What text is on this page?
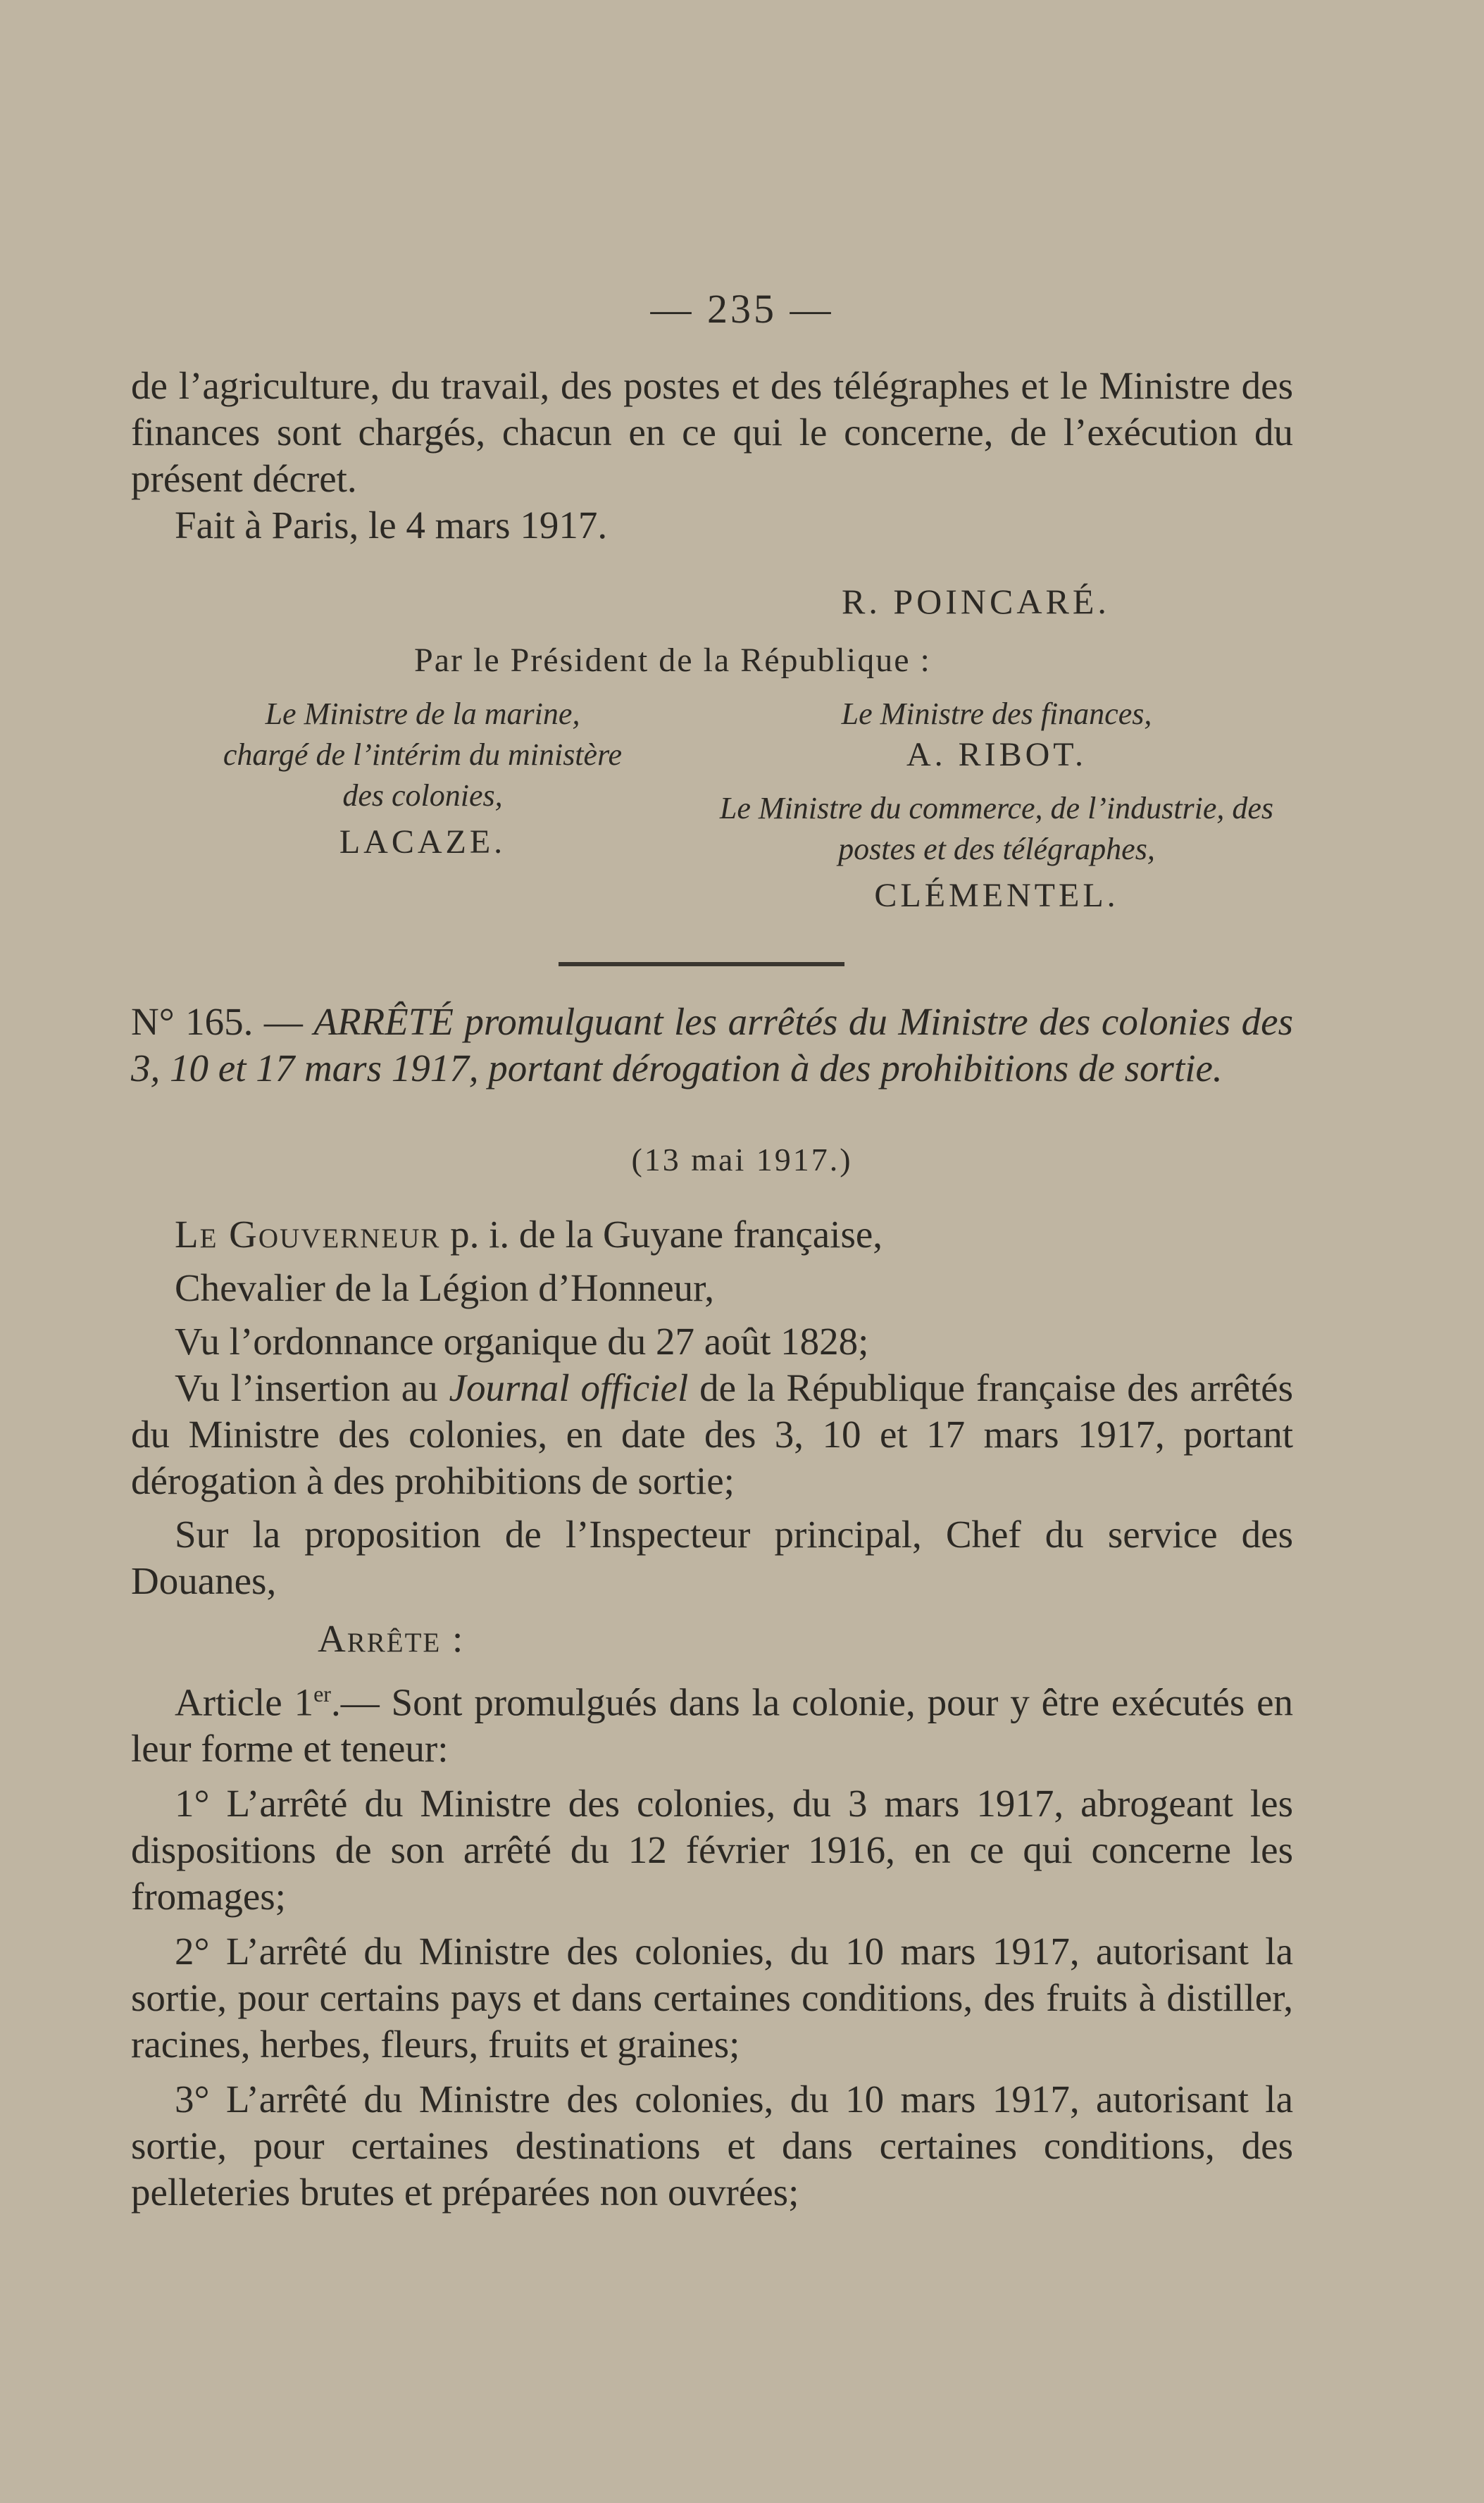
— 235 —

de l’agriculture, du travail, des postes et des télégraphes et le Ministre des finances sont chargés, chacun en ce qui le concerne, de l’exécution du présent décret.

Fait à Paris, le 4 mars 1917.

R. POINCARÉ.
Par le Président de la République :
Le Ministre de la marine,
chargé de l’intérim du ministère
des colonies,
LACAZE.
Le Ministre des finances,
A. RIBOT.
Le Ministre du commerce, de l’industrie, des postes et des télégraphes,
CLÉMENTEL.
N° 165. — ARRÊTÉ promulguant les arrêtés du Ministre des colonies des 3, 10 et 17 mars 1917, portant dérogation à des prohibitions de sortie.
(13 mai 1917.)

Le Gouverneur p. i. de la Guyane française,

Chevalier de la Légion d’Honneur,

Vu l’ordonnance organique du 27 août 1828;

Vu l’insertion au Journal officiel de la République française des arrêtés du Ministre des colonies, en date des 3, 10 et 17 mars 1917, portant dérogation à des prohibitions de sortie;

Sur la proposition de l’Inspecteur principal, Chef du service des Douanes,

Arrête :

Article 1er.— Sont promulgués dans la colonie, pour y être exécutés en leur forme et teneur:

1° L’arrêté du Ministre des colonies, du 3 mars 1917, abrogeant les dispositions de son arrêté du 12 février 1916, en ce qui concerne les fromages;

2° L’arrêté du Ministre des colonies, du 10 mars 1917, autorisant la sortie, pour certains pays et dans certaines conditions, des fruits à distiller, racines, herbes, fleurs, fruits et graines;

3° L’arrêté du Ministre des colonies, du 10 mars 1917, autorisant la sortie, pour certaines destinations et dans certaines conditions, des pelleteries brutes et préparées non ouvrées;
